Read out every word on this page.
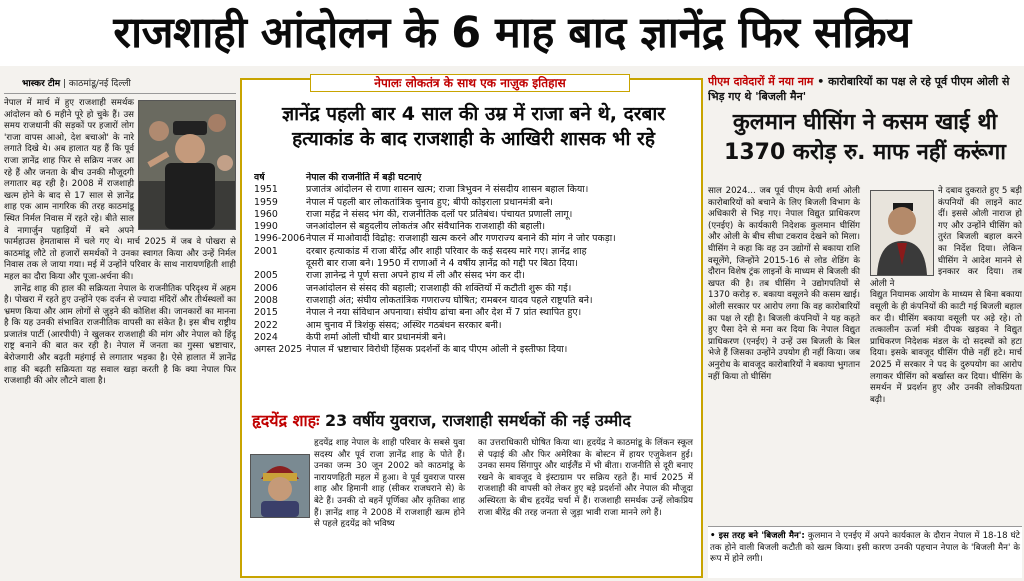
राजशाही आंदोलन के 6 माह बाद ज्ञानेंद्र फिर सक्रिय
भास्कर टीम | काठमांडू/नई दिल्ली

नेपाल में मार्च में हुए राजशाही समर्थक आंदोलन को 6 महीने पूरे हो चुके हैं। उस समय राजधानी की सड़कों पर हजारों लोग 'राजा वापस आओ, देश बचाओ' के नारे लगाते दिखे थे। अब हालात यह हैं कि पूर्व राजा ज्ञानेंद्र शाह फिर से सक्रिय नजर आ रहे हैं और जनता के बीच उनकी मौजूदगी लगातार बढ़ रही है। 2008 में राजशाही खत्म होने के बाद से 17 साल से ज्ञानेंद्र शाह एक आम नागरिक की तरह काठमांडू स्थित निर्मल निवास में रहते रहे। बीते साल वे नागार्जुन पहाड़ियों में बने अपने फार्महाउस हेमताबास में चले गए थे। मार्च 2025 में जब वे पोखरा से काठमांडू लौटे तो हजारों समर्थकों ने उनका स्वागत किया और उन्हें निर्मल निवास तक ले जाया गया। मई में उन्होंने परिवार के साथ नारायणहिती शाही महल का दौरा किया और पूजा-अर्चना की।

ज्ञानेंद्र शाह की हाल की सक्रियता नेपाल के राजनीतिक परिदृश्य में अहम है। पोखरा में रहते हुए उन्होंने एक दर्जन से ज्यादा मंदिरों और तीर्थस्थलों का भ्रमण किया और आम लोगों से जुड़ने की कोशिश की। जानकारों का मानना है कि यह उनकी संभावित राजनीतिक वापसी का संकेत है। इस बीच राष्ट्रीय प्रजातंत्र पार्टी (आरपीपी) ने खुलकर राजशाही की मांग और नेपाल को हिंदू राष्ट्र बनाने की बात कर रही है। नेपाल में जनता का गुस्सा भ्रष्टाचार, बेरोजगारी और बढ़ती महंगाई से लगातार भड़का है। ऐसे हालात में ज्ञानेंद्र शाह की बढ़ती सक्रियता यह सवाल खड़ा करती है कि क्या नेपाल फिर राजशाही की ओर लौटने वाला है।

ज्ञानेंद्र पहली बार 4 साल की उम्र में राजा बने थे, दरबार हत्याकांड के बाद राजशाही के आखिरी शासक भी रहे
वर्ष	नेपाल की राजनीति में बड़ी घटनाएं
1951	प्रजातंत्र आंदोलन से राणा शासन खत्म; राजा त्रिभुवन ने संसदीय शासन बहाल किया।
1959	नेपाल में पहली बार लोकतांत्रिक चुनाव हुए; बीपी कोइराला प्रधानमंत्री बने।
1960	राजा महेंद्र ने संसद भंग की, राजनीतिक दलों पर प्रतिबंध। पंचायत प्रणाली लागू।
1990	जनआंदोलन से बहुदलीय लोकतंत्र और संवैधानिक राजशाही की बहाली।
1996-2006 नेपाल में माओवादी विद्रोह: राजशाही खत्म करने और गणराज्य बनाने की मांग ने जोर पकड़ा।
2001	दरबार हत्याकांड में राजा बीरेंद्र और शाही परिवार के कई सदस्य मारे गए। ज्ञानेंद्र शाह
दूसरी बार राजा बने। 1950 में राणाओं ने 4 वर्षीय ज्ञानेंद्र को गद्दी पर बिठा दिया।
2005	राजा ज्ञानेन्द्र ने पूर्ण सत्ता अपने हाथ में ली और संसद भंग कर दी।
2006	जनआंदोलन से संसद की बहाली; राजशाही की शक्तियों में कटौती शुरू की गई।
2008	राजशाही अंत; संघीय लोकतांत्रिक गणराज्य घोषित; रामबरन यादव पहले राष्ट्रपति बने।
2015	नेपाल ने नया संविधान अपनाया। संघीय ढांचा बना और देश में 7 प्रांत स्थापित हुए।
2022	आम चुनाव में त्रिशंकु संसद; अस्थिर गठबंधन सरकार बनी।
2024	केपी शर्मा ओली चौथी बार प्रधानमंत्री बने।
अगस्त 2025 नेपाल में भ्रष्टाचार विरोधी हिंसक प्रदर्शनों के बाद पीएम ओली ने इस्तीफा दिया।
हृदयेंद्र शाहः 23 वर्षीय युवराज, राजशाही समर्थकों की नई उम्मीद
हृदयेंद्र शाह नेपाल के शाही परिवार के सबसे युवा सदस्य और पूर्व राजा ज्ञानेंद्र शाह के पोते हैं। उनका जन्म 30 जून 2002 को काठमांडू के नारायणहिती महल में हुआ। वे पूर्व युवराज पारस शाह और हिमानी शाह (सीकर राजघराने से) के बेटे हैं। उनकी दो बहनें पूर्णिका और कृतिका शाह हैं। ज्ञानेंद्र शाह ने 2008 में राजशाही खत्म होने से पहले हृदयेंद्र को भविष्य
का उत्तराधिकारी घोषित किया था। हृदयेंद्र ने काठमांडू के लिंकन स्कूल से पढ़ाई की और फिर अमेरिका के बोस्टन में हायर एजुकेशन हुई। उनका समय सिंगापुर और थाईलैंड में भी बीता। राजनीति से दूरी बनाए रखने के बावजूद वे इंस्टाग्राम पर सक्रिय रहते हैं। मार्च 2025 में राजशाही की वापसी को लेकर हुए बड़े प्रदर्शनों और नेपाल की मौजूदा अस्थिरता के बीच हृदयेंद्र चर्चा में हैं। राजशाही समर्थक उन्हें लोकप्रिय राजा बीरेंद्र की तरह जनता से जुड़ा भावी राजा मानने लगे हैं।
नेपालः लोकतंत्र के साथ एक नाज़ुक इतिहास	पीएम दावेदारों में नया नाम • कारोबारियों का पक्ष ले रहे पूर्व पीएम ओली से भिड़ गए थे 'बिजली मैन'
कुलमान घीसिंग ने कसम खाई थी 1370 करोड़ रु. माफ नहीं करूंगा
साल 2024... जब पूर्व पीएम केपी शर्मा ओली कारोबारियों को बचाने के लिए बिजली विभाग के अधिकारी से भिड़ गए। नेपाल विद्युत प्राधिकरण (एनईए) के कार्यकारी निदेशक कुलमान घीसिंग और ओली के बीच सीधा टकराव देखने को मिला। घीसिंग ने कहा कि वह उन उद्योगों से बकाया राशि वसूलेंगे, जिन्होंने 2015-16 से लोड शेडिंग के दौरान विशेष ट्रंक लाइनों के माध्यम से बिजली की खपत की है। तब घीसिंग ने उद्योगपतियों से 1370 करोड़ रु. बकाया वसूलने की कसम खाई। ओली सरकार पर आरोप लगा कि वह कारोबारियों का पक्ष ले रही है। बिजली कंपनियों ने यह कहते हुए पैसा देने से मना कर दिया कि नेपाल विद्युत प्राधिकरण (एनईए) ने उन्हें उस बिजली के बिल भेजे हैं जिसका उन्होंने उपयोग ही नहीं किया। जब अनुरोध के बावजूद कारोबारियों ने बकाया भुगतान नहीं किया तो घीसिंग
ने दबाव दुकराते हुए 5 बड़ी कंपनियों की लाइनें काट दीं। इससे ओली नाराज हो गए और उन्होंने घीसिंग को तुरंत बिजली बहाल करने का निर्देश दिया। लेकिन घीसिंग ने आदेश मानने से इनकार कर दिया। तब ओली ने
विद्युत नियामक आयोग के माध्यम से बिना बकाया वसूली के ही कंपनियों की काटी गई बिजली बहाल कर दी। घीसिंग बकाया वसूली पर अड़े रहे। तो तत्कालीन ऊर्जा मंत्री दीपक खड़का ने विद्युत प्राधिकरण निदेशक मंडल के दो सदस्यों को हटा दिया। इसके बावजूद घीसिंग पीछे नहीं हटे। मार्च 2025 में सरकार ने पद के दुरुपयोग का आरोप लगाकर घीसिंग को बर्खास्त कर दिया। घीसिंग के समर्थन में प्रदर्शन हुए और उनकी लोकप्रियता बढ़ी।
• इस तरह बने 'बिजली मैन': कुलमान ने एनईए में अपने कार्यकाल के दौरान नेपाल में 18-18 घंटे तक होने वाली बिजली कटौती को खत्म किया। इसी कारण उनकी पहचान नेपाल के 'बिजली मैन' के रूप में होने लगी।
